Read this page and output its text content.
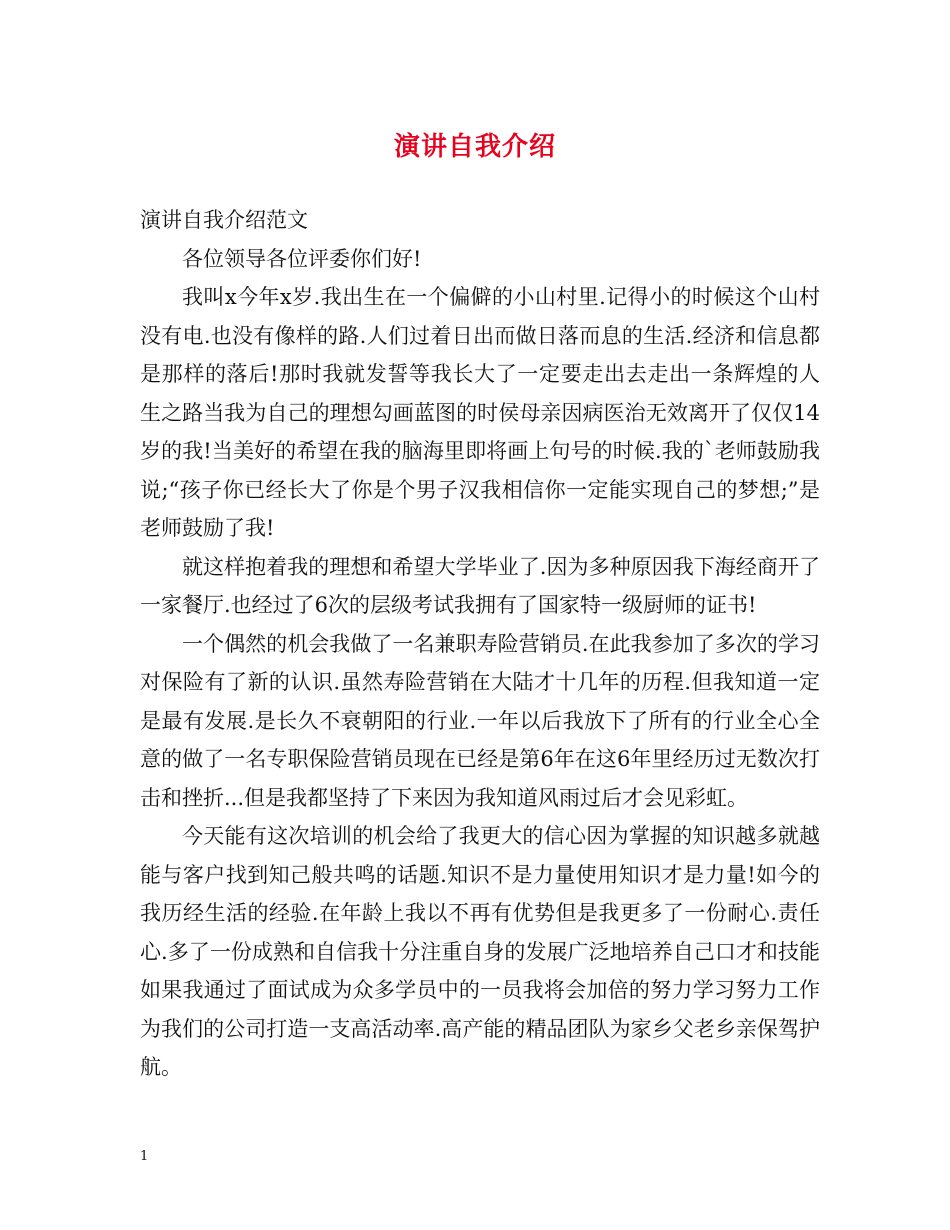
演讲自我介绍

演讲自我介绍范文

各位领导各位评委你们好!

我叫x今年x岁.我出生在一个偏僻的小山村里.记得小的时候这个山村没有电.也没有像样的路.人们过着日出而做日落而息的生活.经济和信息都是那样的落后!那时我就发誓等我长大了一定要走出去走出一条辉煌的人生之路当我为自己的理想勾画蓝图的时侯母亲因病医治无效离开了仅仅14岁的我!当美好的希望在我的脑海里即将画上句号的时候.我的`老师鼓励我说;“孩子你已经长大了你是个男子汉我相信你一定能实现自己的梦想;”是老师鼓励了我!

就这样抱着我的理想和希望大学毕业了.因为多种原因我下海经商开了一家餐厅.也经过了6次的层级考试我拥有了国家特一级厨师的证书!

一个偶然的机会我做了一名兼职寿险营销员.在此我参加了多次的学习对保险有了新的认识.虽然寿险营销在大陆才十几年的历程.但我知道一定是最有发展.是长久不衰朝阳的行业.一年以后我放下了所有的行业全心全意的做了一名专职保险营销员现在已经是第6年在这6年里经历过无数次打击和挫折...但是我都坚持了下来因为我知道风雨过后才会见彩虹。

今天能有这次培训的机会给了我更大的信心因为掌握的知识越多就越能与客户找到知己般共鸣的话题.知识不是力量使用知识才是力量!如今的我历经生活的经验.在年龄上我以不再有优势但是我更多了一份耐心.责任心.多了一份成熟和自信我十分注重自身的发展广泛地培养自己口才和技能如果我通过了面试成为众多学员中的一员我将会加倍的努力学习努力工作为我们的公司打造一支高活动率.高产能的精品团队为家乡父老乡亲保驾护航。

1
